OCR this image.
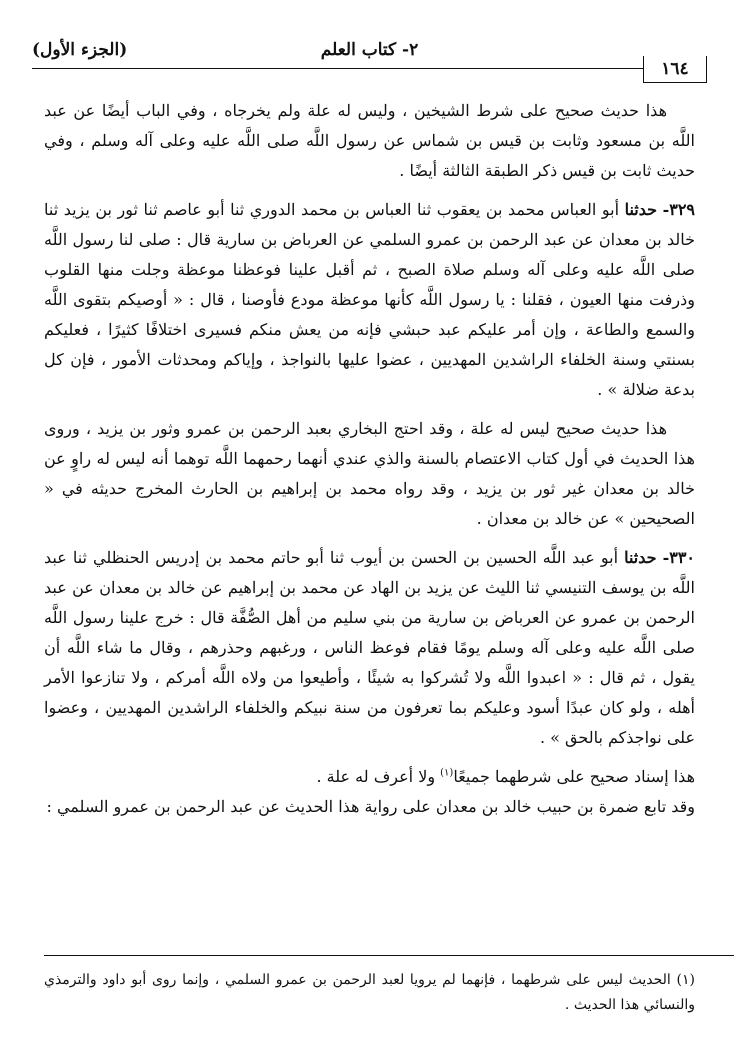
٢- كتاب العلم
(الجزء الأول)
١٦٤

هذا حديث صحيح على شرط الشيخين ، وليس له علة ولم يخرجاه ، وفي الباب أيضًا عن عبد اللَّه بن مسعود وثابت بن قيس بن شماس عن رسول اللَّه صلى اللَّه عليه وعلى آله وسلم ، وفي حديث ثابت بن قيس ذكر الطبقة الثالثة أيضًا .

٣٢٩- حدثنا أبو العباس محمد بن يعقوب ثنا العباس بن محمد الدوري ثنا أبو عاصم ثنا ثور بن يزيد ثنا خالد بن معدان عن عبد الرحمن بن عمرو السلمي عن العرباض بن سارية قال : صلى لنا رسول اللَّه صلى اللَّه عليه وعلى آله وسلم صلاة الصبح ، ثم أقبل علينا فوعظنا موعظة وجلت منها القلوب وذرفت منها العيون ، فقلنا : يا رسول اللَّه كأنها موعظة مودع فأوصنا ، قال : « أوصيكم بتقوى اللَّه والسمع والطاعة ، وإن أمر عليكم عبد حبشي فإنه من يعش منكم فسيرى اختلافًا كثيرًا ، فعليكم بسنتي وسنة الخلفاء الراشدين المهديين ، عضوا عليها بالنواجذ ، وإياكم ومحدثات الأمور ، فإن كل بدعة ضلالة » .

هذا حديث صحيح ليس له علة ، وقد احتج البخاري بعبد الرحمن بن عمرو وثور بن يزيد ، وروى هذا الحديث في أول كتاب الاعتصام بالسنة والذي عندي أنهما رحمهما اللَّه توهما أنه ليس له راوٍ عن خالد بن معدان غير ثور بن يزيد ، وقد رواه محمد بن إبراهيم بن الحارث المخرج حديثه في « الصحيحين » عن خالد بن معدان .

٣٣٠- حدثنا أبو عبد اللَّه الحسين بن الحسن بن أيوب ثنا أبو حاتم محمد بن إدريس الحنظلي ثنا عبد اللَّه بن يوسف التنيسي ثنا الليث عن يزيد بن الهاد عن محمد بن إبراهيم عن خالد بن معدان عن عبد الرحمن بن عمرو عن العرباض بن سارية من بني سليم من أهل الصُّفَّة قال : خرج علينا رسول اللَّه صلى اللَّه عليه وعلى آله وسلم يومًا فقام فوعظ الناس ، ورغبهم وحذرهم ، وقال ما شاء اللَّه أن يقول ، ثم قال : « اعبدوا اللَّه ولا تُشركوا به شيئًا ، وأطيعوا من ولاه اللَّه أمركم ، ولا تنازعوا الأمر أهله ، ولو كان عبدًا أسود وعليكم بما تعرفون من سنة نبيكم والخلفاء الراشدين المهديين ، وعضوا على نواجذكم بالحق » .

هذا إسناد صحيح على شرطهما جميعًا$^{(١)}$ ولا أعرف له علة .

وقد تابع ضمرة بن حبيب خالد بن معدان على رواية هذا الحديث عن عبد الرحمن بن عمرو السلمي :

(١) الحديث ليس على شرطهما ، فإنهما لم يرويا لعبد الرحمن بن عمرو السلمي ، وإنما روى أبو داود والترمذي والنسائي هذا الحديث .
